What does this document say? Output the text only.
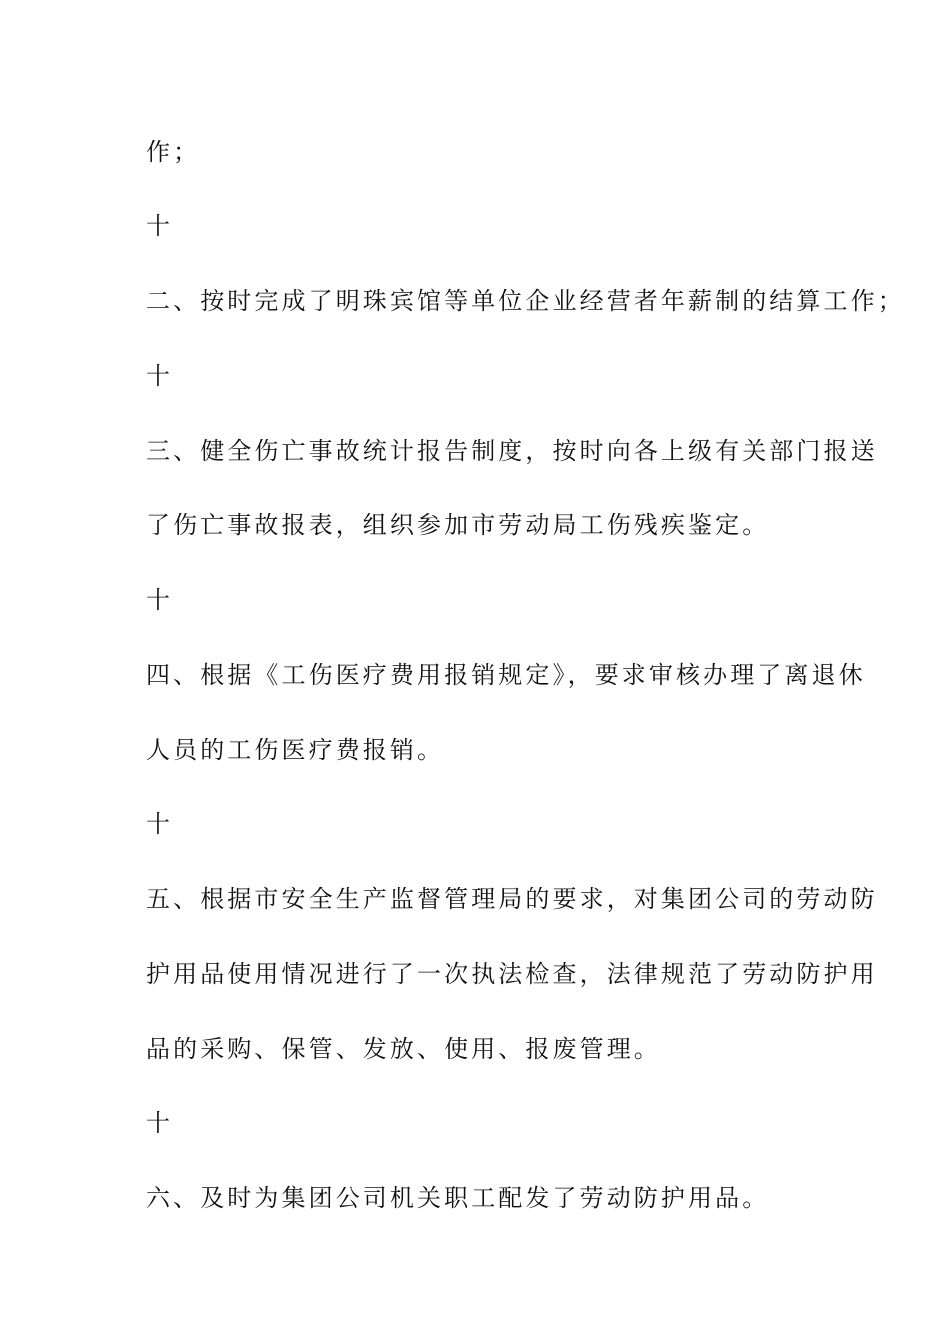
作；
十
二、按时完成了明珠宾馆等单位企业经营者年薪制的结算工作；
十
三、健全伤亡事故统计报告制度，按时向各上级有关部门报送
了伤亡事故报表，组织参加市劳动局工伤残疾鉴定。
十
四、根据《工伤医疗费用报销规定》，要求审核办理了离退休
人员的工伤医疗费报销。
十
五、根据市安全生产监督管理局的要求，对集团公司的劳动防
护用品使用情况进行了一次执法检查，法律规范了劳动防护用
品的采购、保管、发放、使用、报废管理。
十
六、及时为集团公司机关职工配发了劳动防护用品。
